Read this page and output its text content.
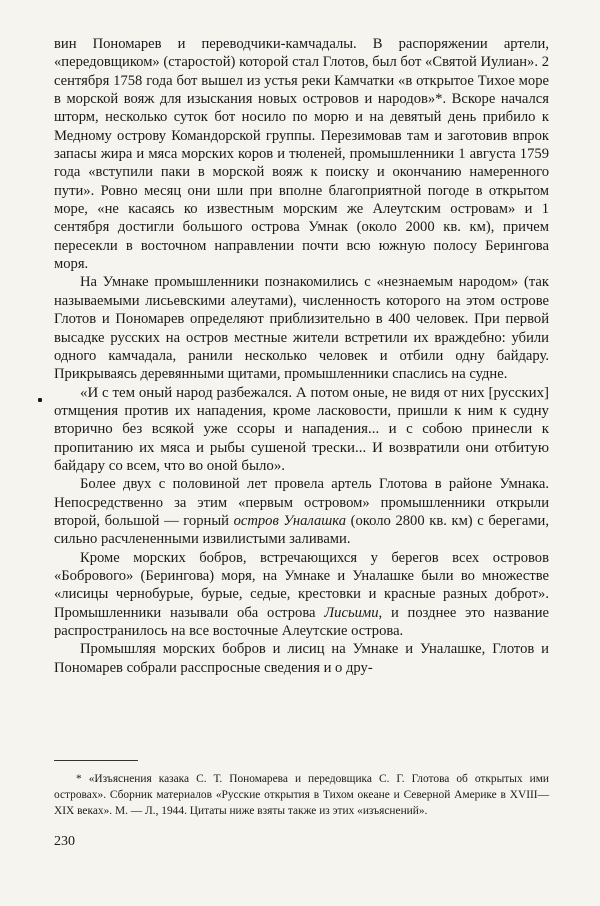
вин Пономарев и переводчики-камчадалы. В распоряжении артели, «передовщиком» (старостой) которой стал Глотов, был бот «Святой Иулиан». 2 сентября 1758 года бот вышел из устья реки Камчатки «в открытое Тихое море в морской вояж для изыскания новых островов и народов»*. Вскоре начался шторм, несколько суток бот носило по морю и на девятый день прибило к Медному острову Командорской группы. Перезимовав там и заготовив впрок запасы жира и мяса морских коров и тюленей, промышленники 1 августа 1759 года «вступили паки в морской вояж к поиску и окончанию намеренного пути». Ровно месяц они шли при вполне благоприятной погоде в открытом море, «не касаясь ко известным морским же Алеутским островам» и 1 сентября достигли большого острова Умнак (около 2000 кв. км), причем пересекли в восточном направлении почти всю южную полосу Берингова моря.

На Умнаке промышленники познакомились с «незнаемым народом» (так называемыми лисьевскими алеутами), численность которого на этом острове Глотов и Пономарев определяют приблизительно в 400 человек. При первой высадке русских на остров местные жители встретили их враждебно: убили одного камчадала, ранили несколько человек и отбили одну байдару. Прикрываясь деревянными щитами, промышленники спаслись на судне.

«И с тем оный народ разбежался. А потом оные, не видя от них [русских] отмщения против их нападения, кроме ласковости, пришли к ним к судну вторично без всякой уже ссоры и нападения... и с собою принесли к пропитанию их мяса и рыбы сушеной трески... И возвратили они отбитую байдару со всем, что во оной было».

Более двух с половиной лет провела артель Глотова в районе Умнака. Непосредственно за этим «первым островом» промышленники открыли второй, большой — горный остров Уналашка (около 2800 кв. км) с берегами, сильно расчлененными извилистыми заливами.

Кроме морских бобров, встречающихся у берегов всех островов «Бобрового» (Берингова) моря, на Умнаке и Уналашке были во множестве «лисицы чернобурые, бурые, седые, крестовки и красные разных доброт». Промышленники называли оба острова Лисьими, и позднее это название распространилось на все восточные Алеутские острова.

Промышляя морских бобров и лисиц на Умнаке и Уналашке, Глотов и Пономарев собрали расспросные сведения и о дру-

* «Изъяснения казака С. Т. Пономарева и передовщика С. Г. Глотова об открытых ими островах». Сборник материалов «Русские открытия в Тихом океане и Северной Америке в XVIII—XIX веках». М. — Л., 1944. Цитаты ниже взяты также из этих «изъяснений».

230
